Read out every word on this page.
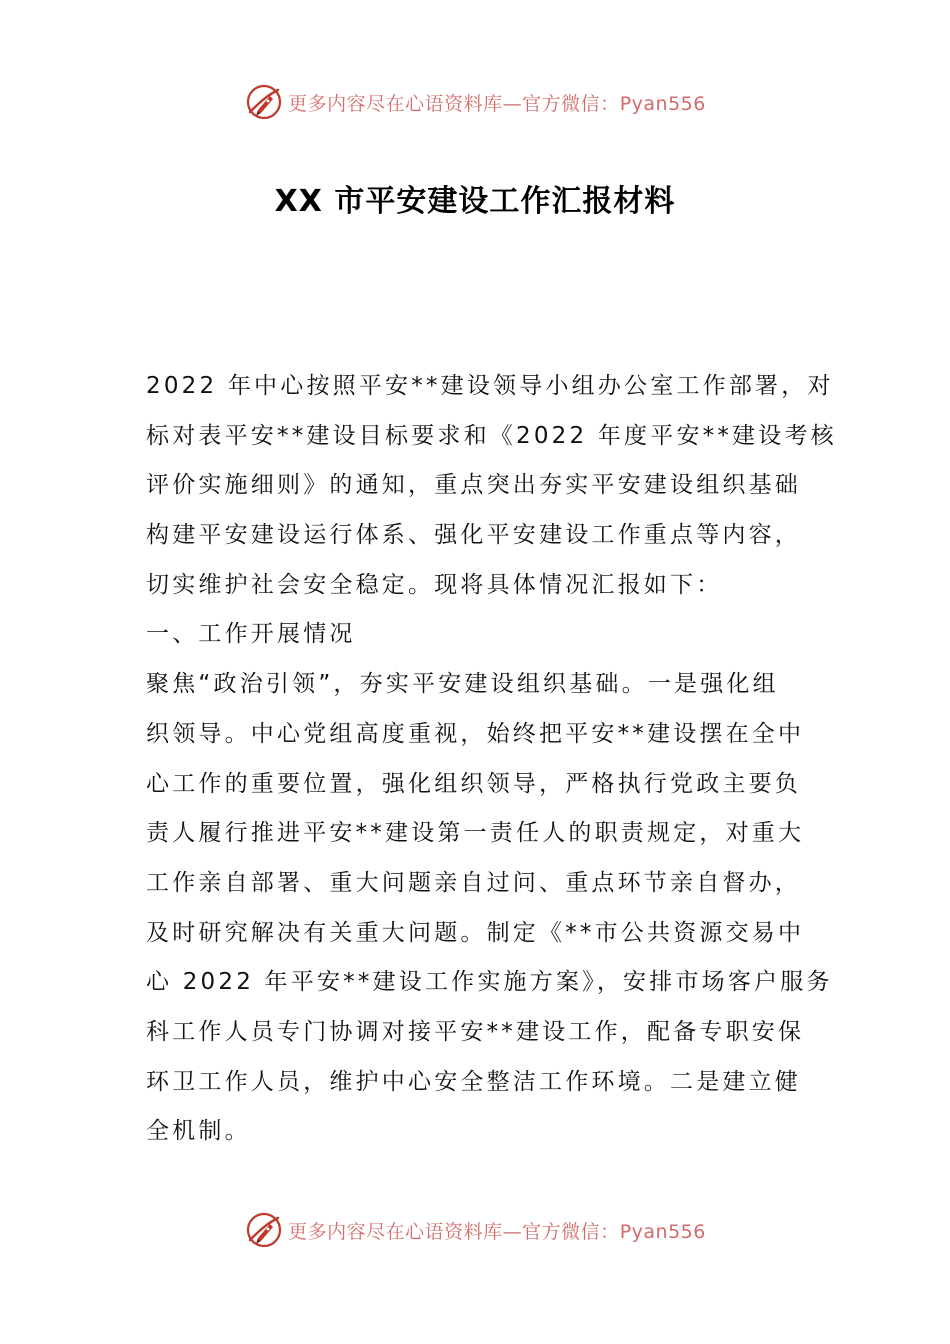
更多内容尽在心语资料库—官方微信：Pyan556
XX 市平安建设工作汇报材料
2022 年中心按照平安**建设领导小组办公室工作部署，对
标对表平安**建设目标要求和《2022 年度平安**建设考核
评价实施细则》的通知，重点突出夯实平安建设组织基础
构建平安建设运行体系、强化平安建设工作重点等内容，
切实维护社会安全稳定。现将具体情况汇报如下：
一、工作开展情况
聚焦“政治引领”，夯实平安建设组织基础。一是强化组
织领导。中心党组高度重视，始终把平安**建设摆在全中
心工作的重要位置，强化组织领导，严格执行党政主要负
责人履行推进平安**建设第一责任人的职责规定，对重大
工作亲自部署、重大问题亲自过问、重点环节亲自督办，
及时研究解决有关重大问题。制定《**市公共资源交易中
心 2022 年平安**建设工作实施方案》，安排市场客户服务
科工作人员专门协调对接平安**建设工作，配备专职安保
环卫工作人员，维护中心安全整洁工作环境。二是建立健
全机制。
更多内容尽在心语资料库—官方微信：Pyan556
